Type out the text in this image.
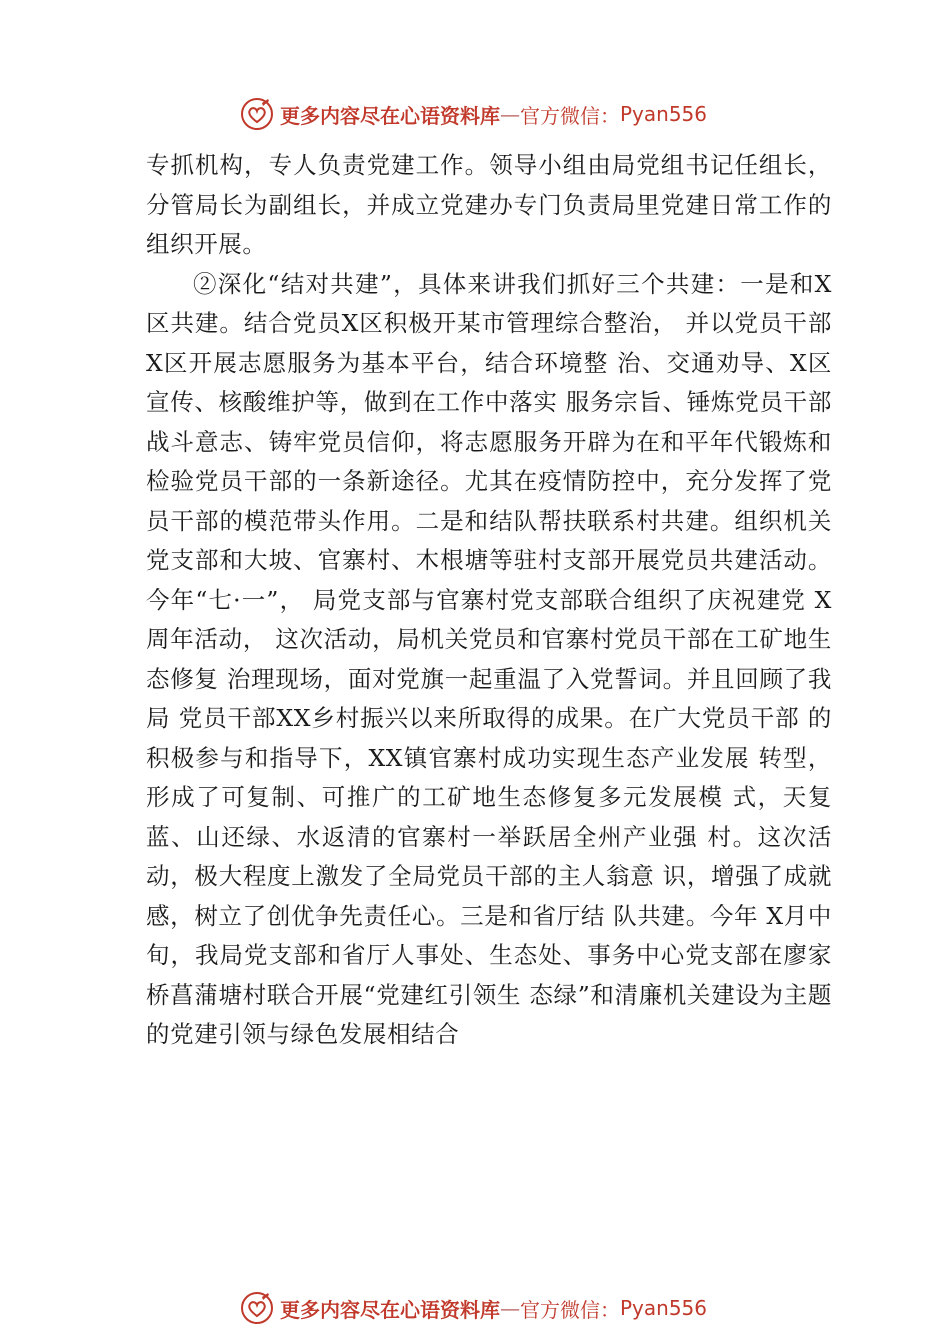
更多内容尽在心语资料库 — 官方微信： Pyan556

专抓机构，专人负责党建工作。领导小组由局党组书记任组长，分管局长为副组长，并成立党建办专门负责局里党建日常工作的组织开展。

②深化“结对共建”，具体来讲我们抓好三个共建：一是和X区共建。结合党员X区积极开某市管理综合整治， 并以党员干部X区开展志愿服务为基本平台，结合环境整 治、交通劝导、X区宣传、核酸维护等，做到在工作中落实 服务宗旨、锤炼党员干部战斗意志、铸牢党员信仰，将志愿服务开辟为在和平年代锻炼和检验党员干部的一条新途径。尤其在疫情防控中，充分发挥了党员干部的模范带头作用。二是和结队帮扶联系村共建。组织机关党支部和大坡、官寨村、木根塘等驻村支部开展党员共建活动。今年“七·一”， 局党支部与官寨村党支部联合组织了庆祝建党 X周年活动， 这次活动，局机关党员和官寨村党员干部在工矿地生态修复 治理现场，面对党旗一起重温了入党誓词。并且回顾了我局 党员干部XX乡村振兴以来所取得的成果。在广大党员干部 的积极参与和指导下，XX镇官寨村成功实现生态产业发展 转型，形成了可复制、可推广的工矿地生态修复多元发展模 式，天复蓝、山还绿、水返清的官寨村一举跃居全州产业强 村。这次活动，极大程度上激发了全局党员干部的主人翁意 识，增强了成就感，树立了创优争先责任心。三是和省厅结 队共建。今年 X月中旬，我局党支部和省厅人事处、生态处、事务中心党支部在廖家桥菖蒲塘村联合开展“党建红引领生 态绿”和清廉机关建设为主题的党建引领与绿色发展相结合

更多内容尽在心语资料库 — 官方微信： Pyan556
